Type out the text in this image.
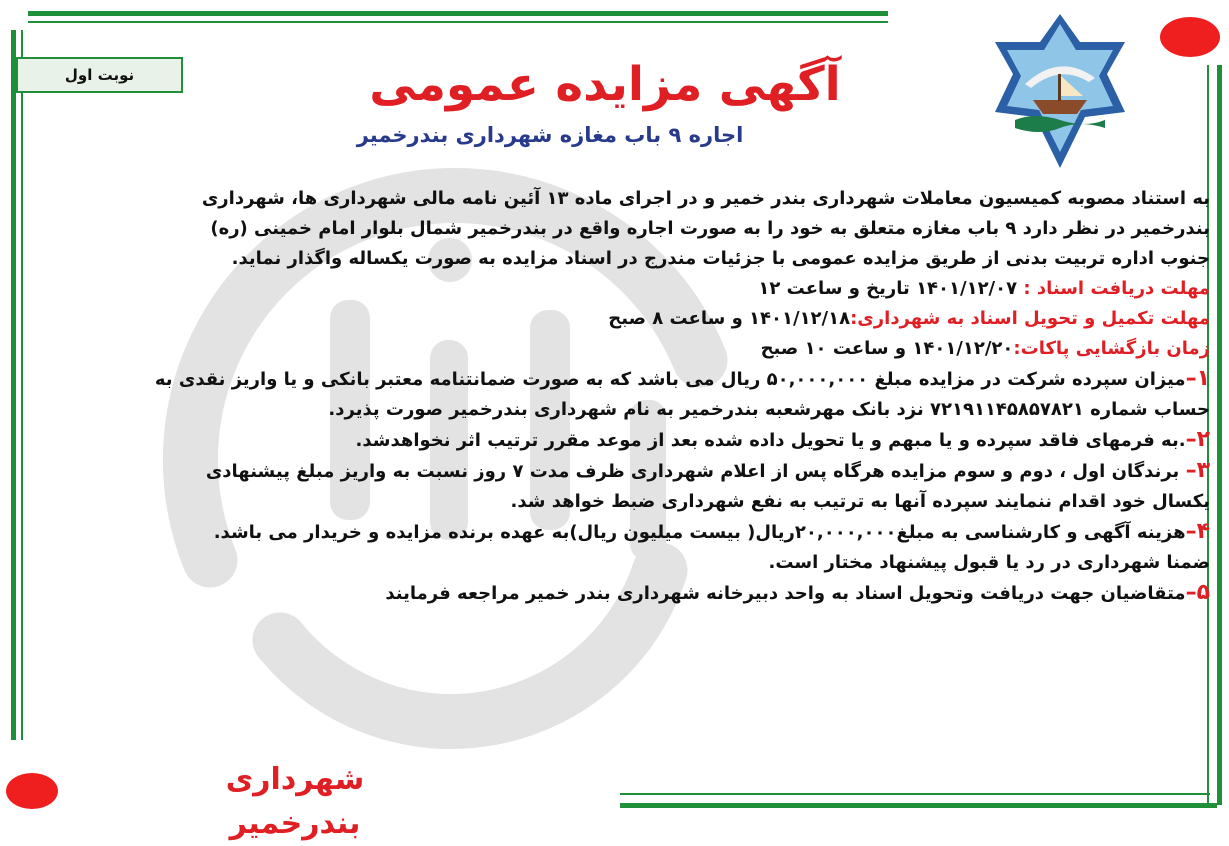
نوبت اول	آگهی مزایده عمومی
اجاره ۹ باب مغازه شهرداری بندرخمیر
به استناد مصوبه کمیسیون معاملات شهرداری بندر خمیر و در اجرای ماده ۱۳ آئین نامه مالی شهرداری ها، شهرداری
بندرخمیر در نظر دارد ۹ باب مغازه متعلق به خود را به صورت اجاره واقع در بندرخمیر شمال بلوار امام خمینی (ره)
جنوب اداره تربیت بدنی از طریق مزایده عمومی با جزئیات مندرج در اسناد مزایده به صورت یکساله واگذار نماید.
مهلت دریافت اسناد : ۱۴۰۱/۱۲/۰۷ تاریخ و ساعت ۱۲
مهلت تکمیل و تحویل اسناد به شهرداری:۱۴۰۱/۱۲/۱۸ و ساعت ۸ صبح
زمان بازگشایی پاکات:۱۴۰۱/۱۲/۲۰ و ساعت ۱۰ صبح
۱–میزان سپرده شرکت در مزایده مبلغ ۵۰,۰۰۰,۰۰۰ ریال می باشد که به صورت ضمانتنامه معتبر بانکی و یا واریز نقدی به
حساب شماره ۷۲۱۹۱۱۴۵۸۵۷۸۲۱ نزد بانک مهرشعبه بندرخمیر به نام شهرداری بندرخمیر صورت پذیرد.
۲–.به فرمهای فاقد سپرده و یا مبهم و یا تحویل داده شده بعد از موعد مقرر ترتیب اثر نخواهدشد.
۳– برندگان اول ، دوم و سوم مزایده هرگاه پس از اعلام شهرداری ظرف مدت ۷ روز نسبت به واریز مبلغ پیشنهادی
یکسال خود اقدام ننمایند سپرده آنها به ترتیب به نفع شهرداری ضبط خواهد شد.
۴–هزینه آگهی و کارشناسی به مبلغ۲۰,۰۰۰,۰۰۰ریال( بیست میلیون ریال)به عهده برنده مزایده و خریدار می باشد.
ضمنا شهرداری در رد یا قبول پیشنهاد مختار است.
۵–متقاضیان جهت دریافت وتحویل اسناد به واحد دبیرخانه شهرداری بندر خمیر مراجعه فرمایند
شهرداری بندرخمیر
